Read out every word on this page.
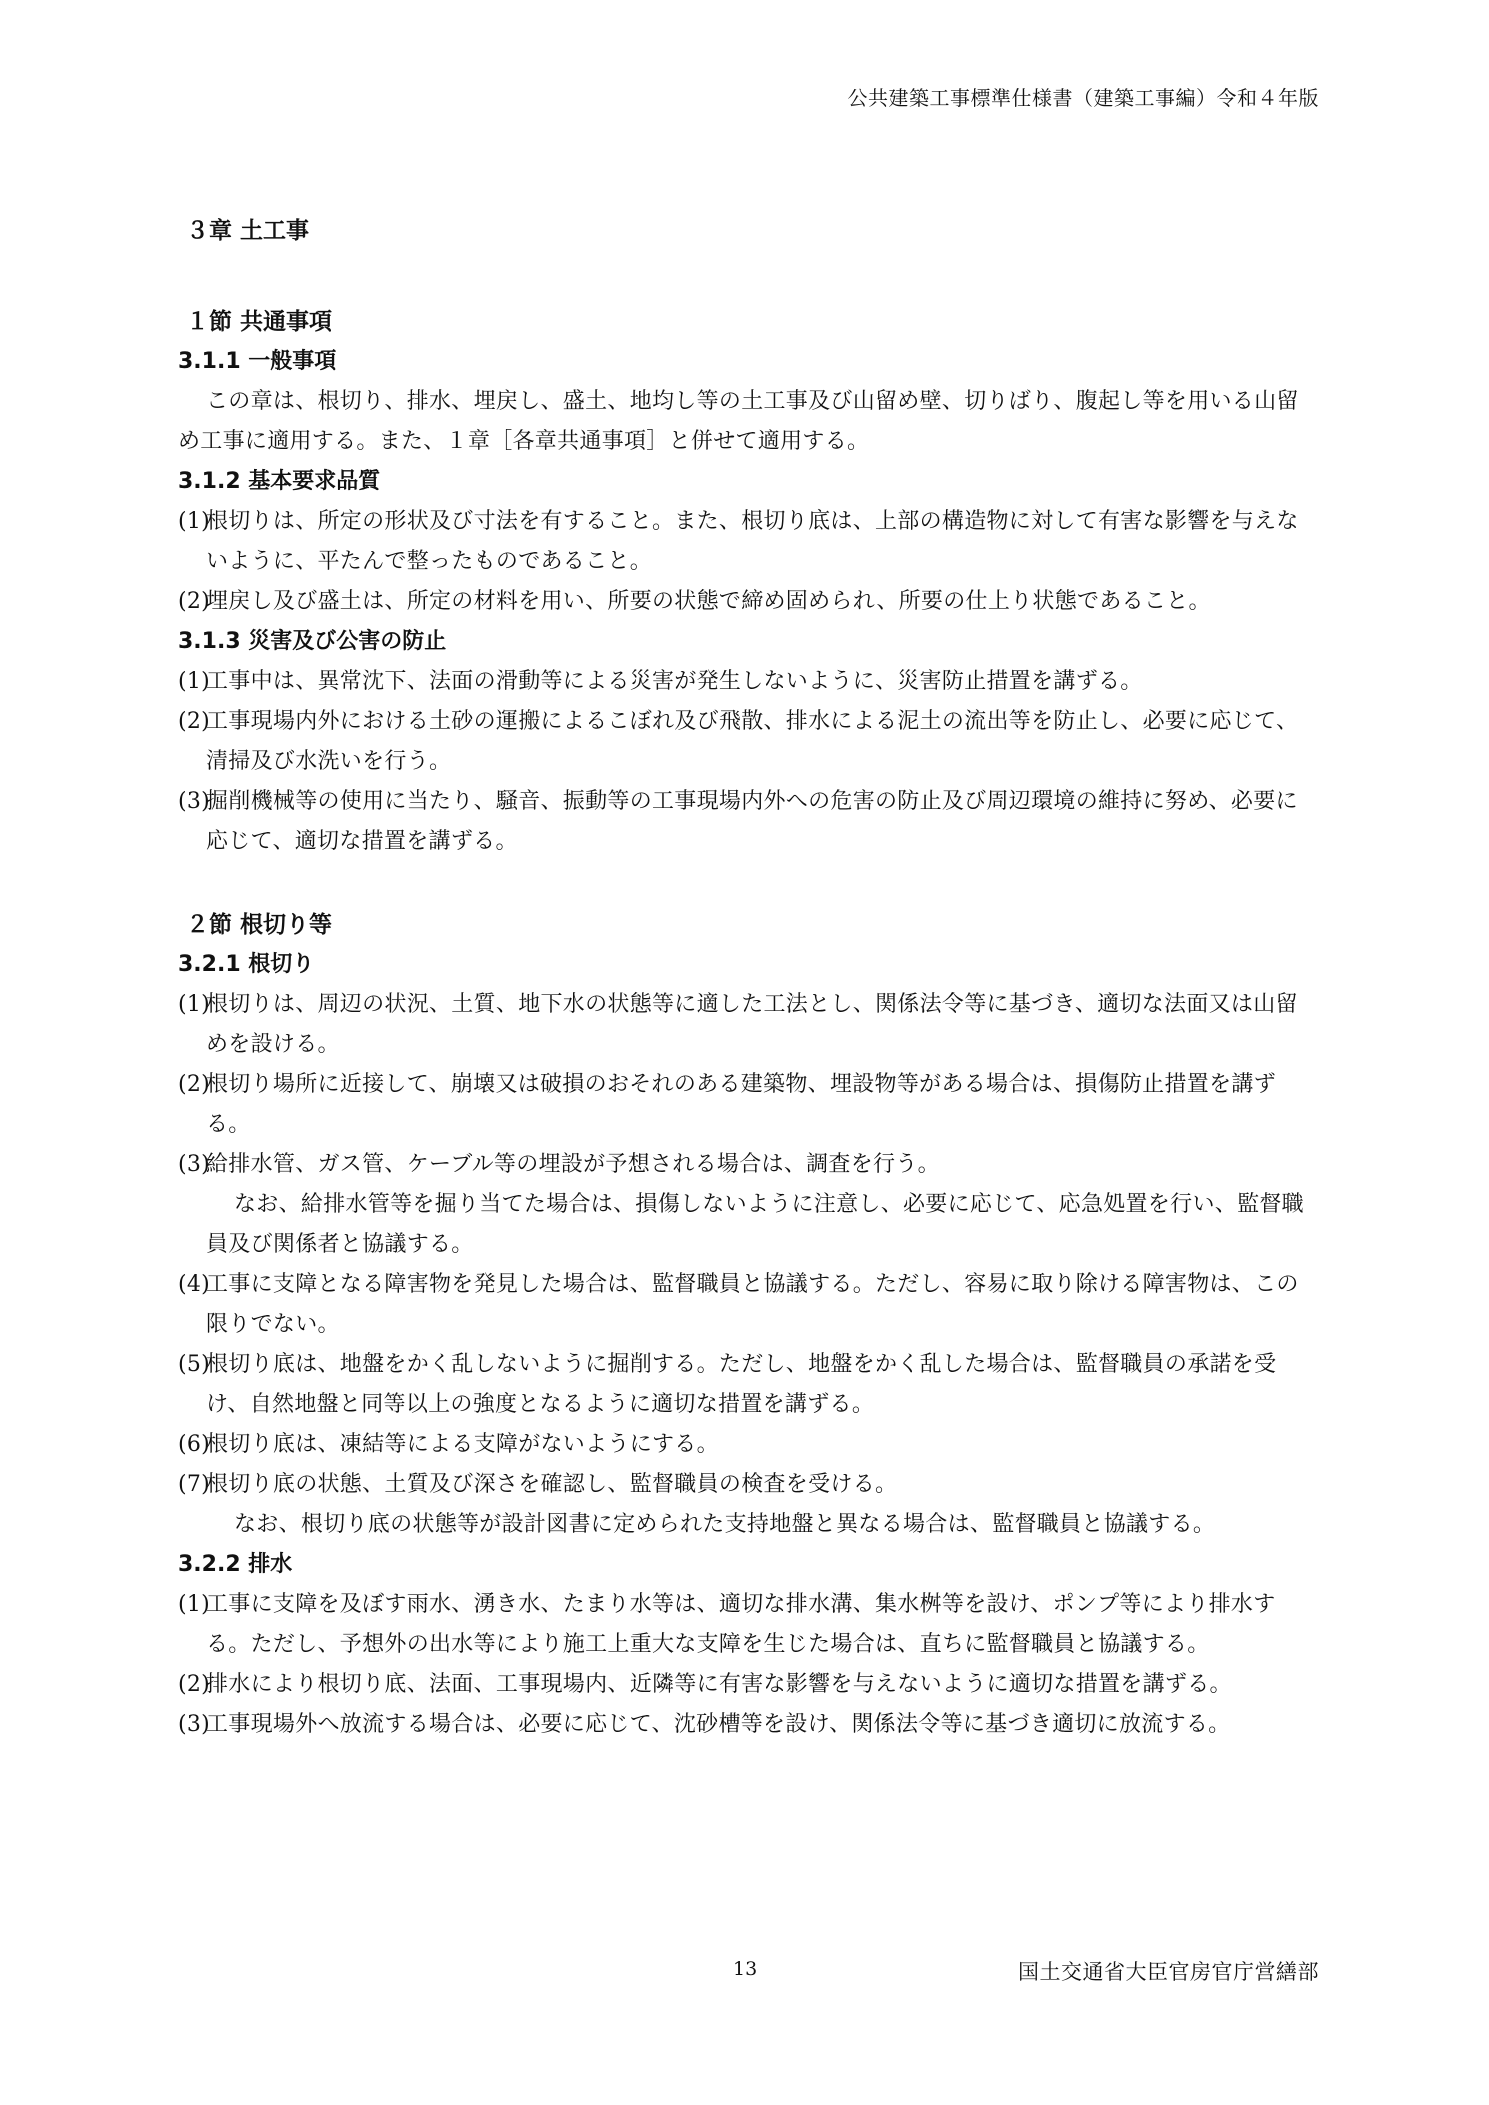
公共建築工事標準仕様書（建築工事編）令和４年版
３章 土工事
１節 共通事項
3.1.1 一般事項

この章は、根切り、排水、埋戻し、盛土、地均し等の土工事及び山留め壁、切りばり、腹起し等を用いる山留め工事に適用する。また、１章［各章共通事項］と併せて適用する。

3.1.2 基本要求品質
(1)
根切りは、所定の形状及び寸法を有すること。また、根切り底は、上部の構造物に対して有害な影響を与えないように、平たんで整ったものであること。
(2)
埋戻し及び盛土は、所定の材料を用い、所要の状態で締め固められ、所要の仕上り状態であること。
3.1.3 災害及び公害の防止
(1)
工事中は、異常沈下、法面の滑動等による災害が発生しないように、災害防止措置を講ずる。
(2)
工事現場内外における土砂の運搬によるこぼれ及び飛散、排水による泥土の流出等を防止し、必要に応じて、清掃及び水洗いを行う。
(3)
掘削機械等の使用に当たり、騒音、振動等の工事現場内外への危害の防止及び周辺環境の維持に努め、必要に応じて、適切な措置を講ずる。
２節 根切り等
3.2.1 根切り
(1)
根切りは、周辺の状況、土質、地下水の状態等に適した工法とし、関係法令等に基づき、適切な法面又は山留めを設ける。
(2)
根切り場所に近接して、崩壊又は破損のおそれのある建築物、埋設物等がある場合は、損傷防止措置を講ずる。
(3)
給排水管、ガス管、ケーブル等の埋設が予想される場合は、調査を行う。

なお、給排水管等を掘り当てた場合は、損傷しないように注意し、必要に応じて、応急処置を行い、監督職員及び関係者と協議する。

(4)
工事に支障となる障害物を発見した場合は、監督職員と協議する。ただし、容易に取り除ける障害物は、この限りでない。
(5)
根切り底は、地盤をかく乱しないように掘削する。ただし、地盤をかく乱した場合は、監督職員の承諾を受け、自然地盤と同等以上の強度となるように適切な措置を講ずる。
(6)
根切り底は、凍結等による支障がないようにする。
(7)
根切り底の状態、土質及び深さを確認し、監督職員の検査を受ける。

なお、根切り底の状態等が設計図書に定められた支持地盤と異なる場合は、監督職員と協議する。

3.2.2 排水
(1)
工事に支障を及ぼす雨水、湧き水、たまり水等は、適切な排水溝、集水桝等を設け、ポンプ等により排水する。ただし、予想外の出水等により施工上重大な支障を生じた場合は、直ちに監督職員と協議する。
(2)
排水により根切り底、法面、工事現場内、近隣等に有害な影響を与えないように適切な措置を講ずる。
(3)
工事現場外へ放流する場合は、必要に応じて、沈砂槽等を設け、関係法令等に基づき適切に放流する。
13	国土交通省大臣官房官庁営繕部
